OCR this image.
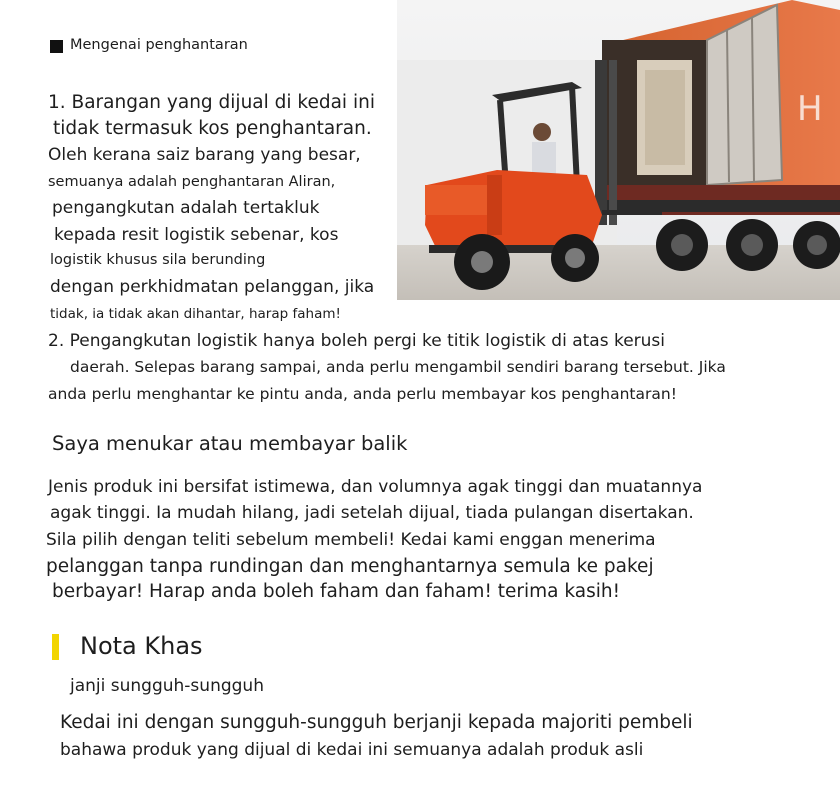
Mengenai penghantaran
1. Barangan yang dijual di kedai ini
tidak termasuk kos penghantaran.
Oleh kerana saiz barang yang besar,
semuanya adalah penghantaran Aliran,
pengangkutan adalah tertakluk
kepada resit logistik sebenar, kos
logistik khusus sila berunding
dengan perkhidmatan pelanggan, jika
tidak, ia tidak akan dihantar, harap faham!
H
2. Pengangkutan logistik hanya boleh pergi ke titik logistik di atas kerusi
daerah. Selepas barang sampai, anda perlu mengambil sendiri barang tersebut. Jika
anda perlu menghantar ke pintu anda, anda perlu membayar kos penghantaran!
Saya menukar atau membayar balik
Jenis produk ini bersifat istimewa, dan volumnya agak tinggi dan muatannya
agak tinggi. Ia mudah hilang, jadi setelah dijual, tiada pulangan disertakan.
Sila pilih dengan teliti sebelum membeli! Kedai kami enggan menerima
pelanggan tanpa rundingan dan menghantarnya semula ke pakej
berbayar! Harap anda boleh faham dan faham! terima kasih!
Nota Khas
janji sungguh-sungguh
Kedai ini dengan sungguh-sungguh berjanji kepada majoriti pembeli
bahawa produk yang dijual di kedai ini semuanya adalah produk asli
